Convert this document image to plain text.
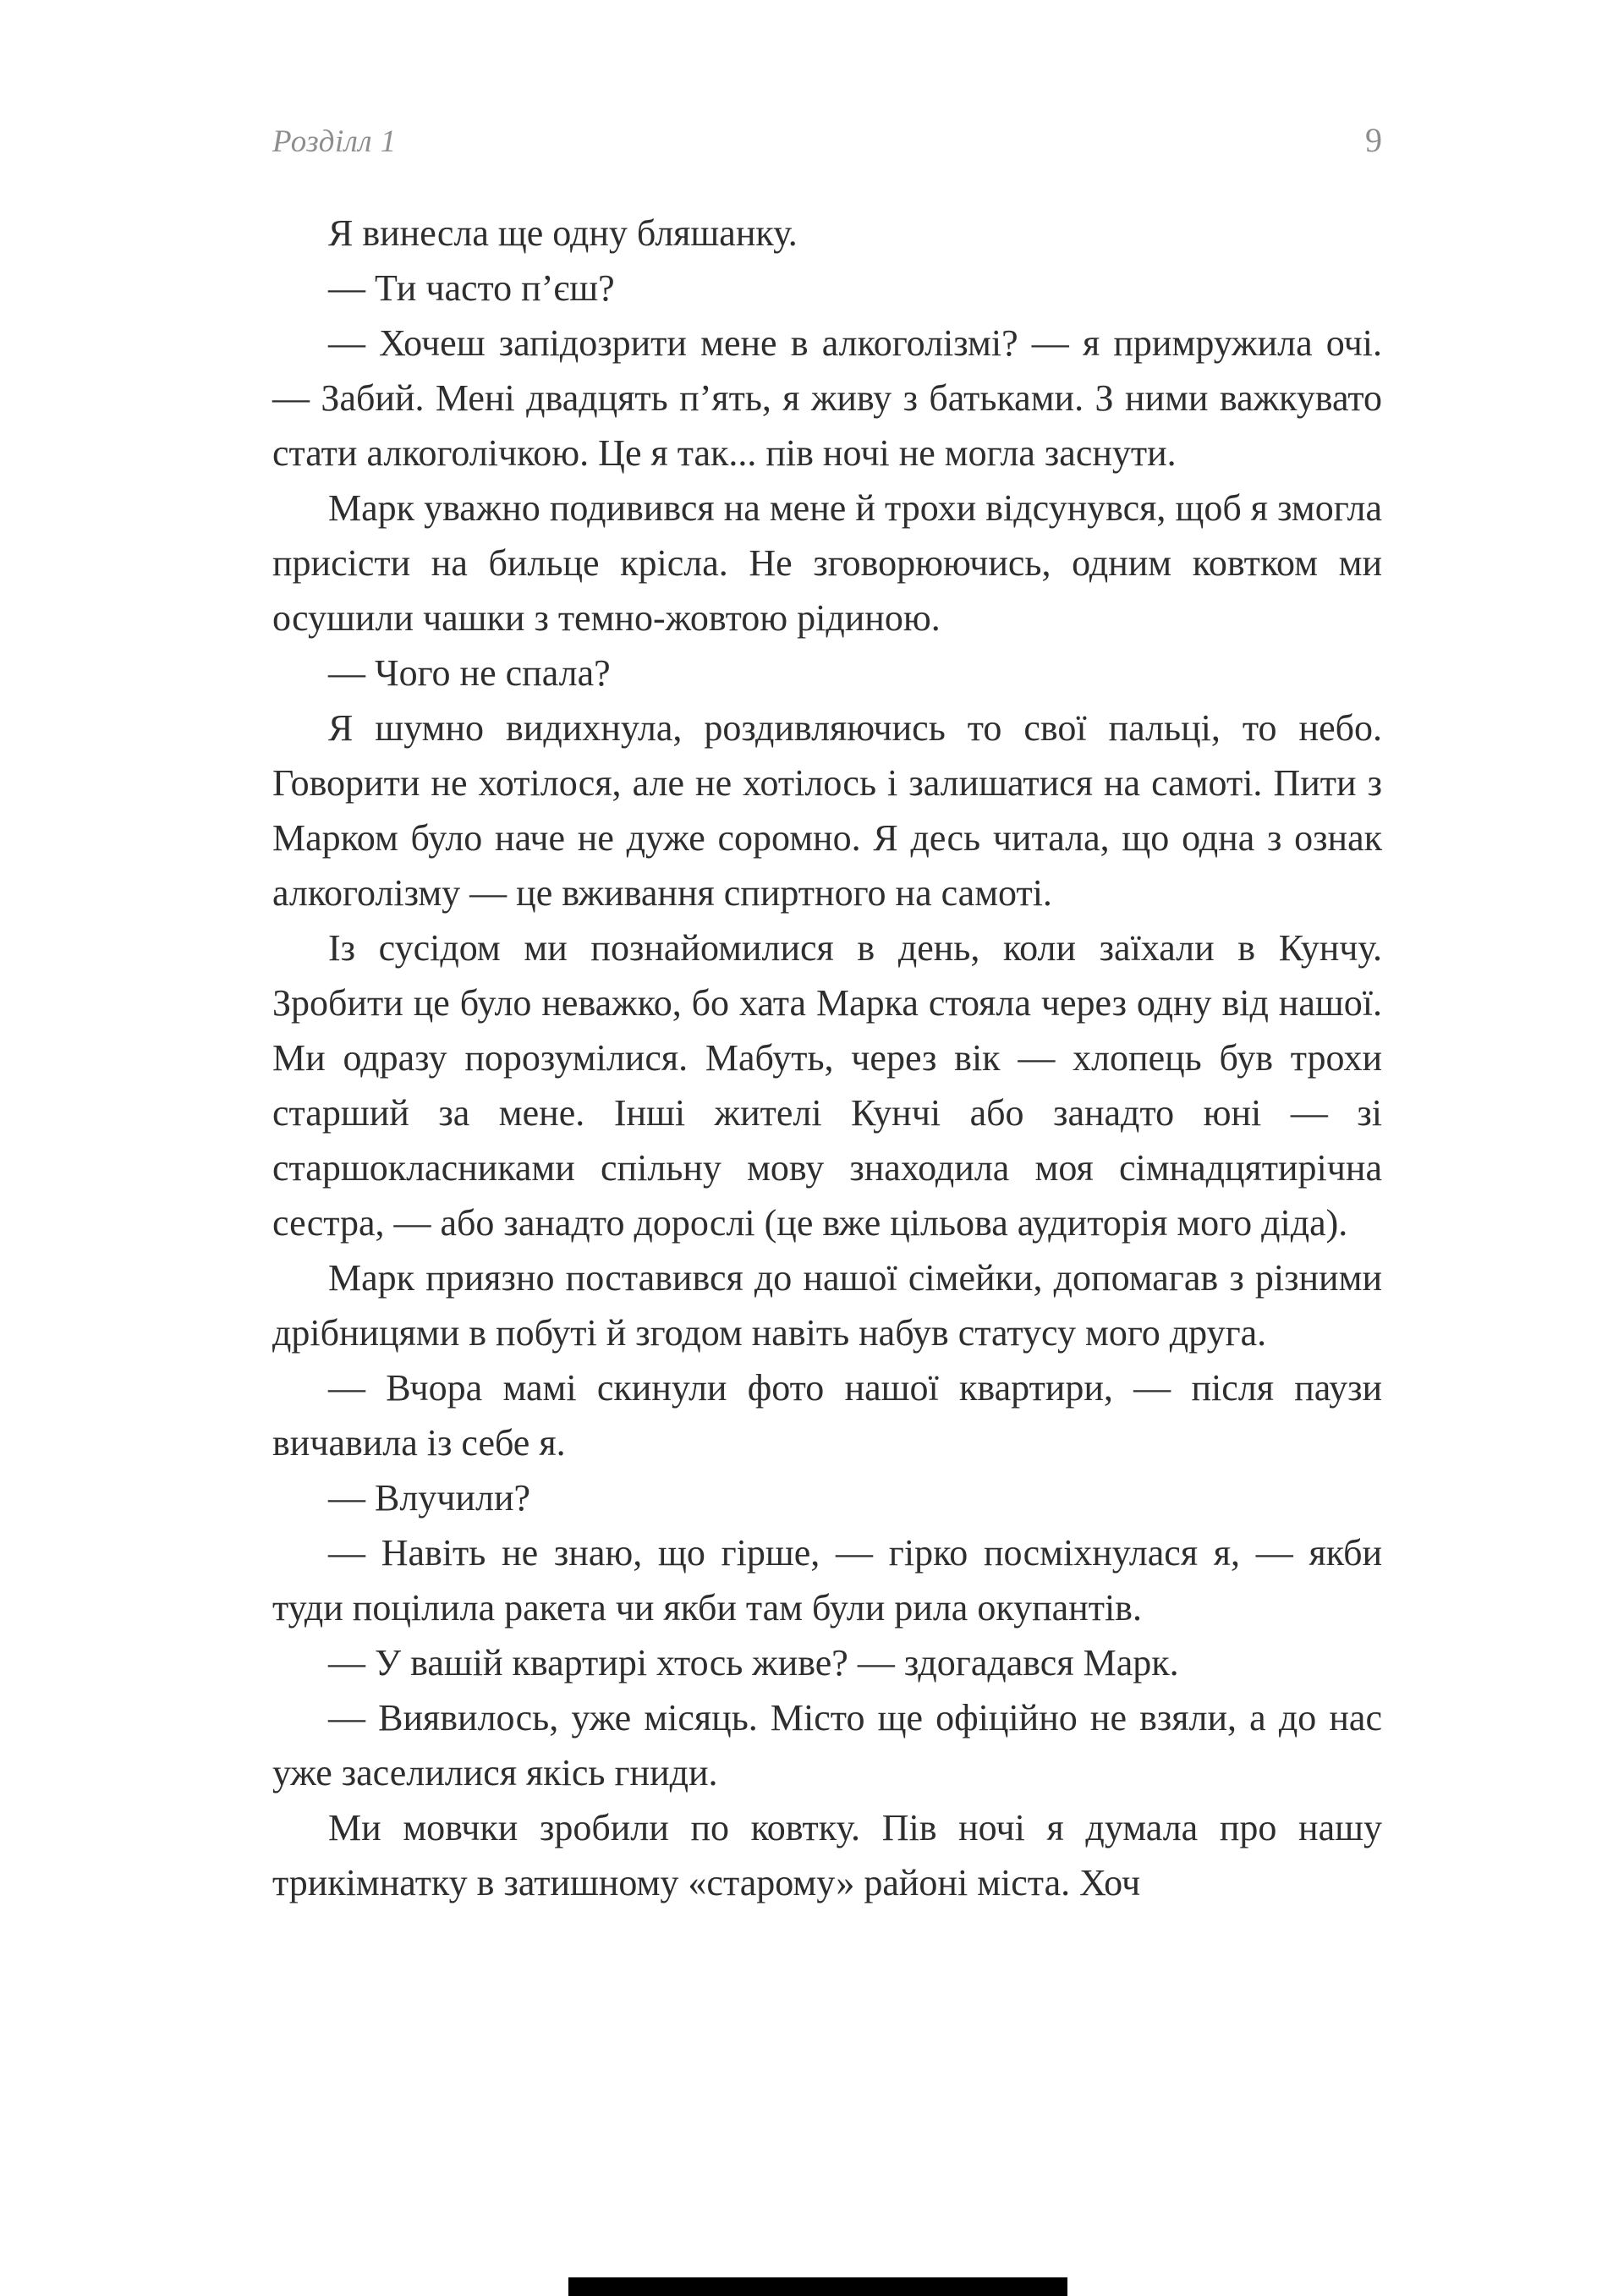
Розділл 1	9

Я винесла ще одну бляшанку.

— Ти часто п’єш?

— Хочеш запідозрити мене в алкоголізмі? — я примружила очі. — Забий. Мені двадцять п’ять, я живу з батьками. З ними важкувато стати алкоголічкою. Це я так... пів ночі не могла заснути.

Марк уважно подивився на мене й трохи відсунувся, щоб я змогла присісти на бильце крісла. Не зговорюючись, одним ковтком ми осушили чашки з темно-жовтою рідиною.

— Чого не спала?

Я шумно видихнула, роздивляючись то свої пальці, то небо. Говорити не хотілося, але не хотілось і залишатися на самоті. Пити з Марком було наче не дуже соромно. Я десь читала, що одна з ознак алкоголізму — це вживання спиртного на самоті.

Із сусідом ми познайомилися в день, коли заїхали в Кунчу. Зробити це було неважко, бо хата Марка стояла через одну від нашої. Ми одразу порозумілися. Мабуть, через вік — хлопець був трохи старший за мене. Інші жителі Кунчі або занадто юні — зі старшокласниками спільну мову знаходила моя сімнадцятирічна сестра, — або занадто дорослі (це вже цільова аудиторія мого діда).

Марк приязно поставився до нашої сімейки, допомагав з різними дрібницями в побуті й згодом навіть набув статусу мого друга.

— Вчора мамі скинули фото нашої квартири, — після паузи вичавила із себе я.

— Влучили?

— Навіть не знаю, що гірше, — гірко посміхнулася я, — якби туди поцілила ракета чи якби там були рила окупантів.

— У вашій квартирі хтось живе? — здогадався Марк.

— Виявилось, уже місяць. Місто ще офіційно не взяли, а до нас уже заселилися якісь гниди.

Ми мовчки зробили по ковтку. Пів ночі я думала про нашу трикімнатку в затишному «старому» районі міста. Хоч
